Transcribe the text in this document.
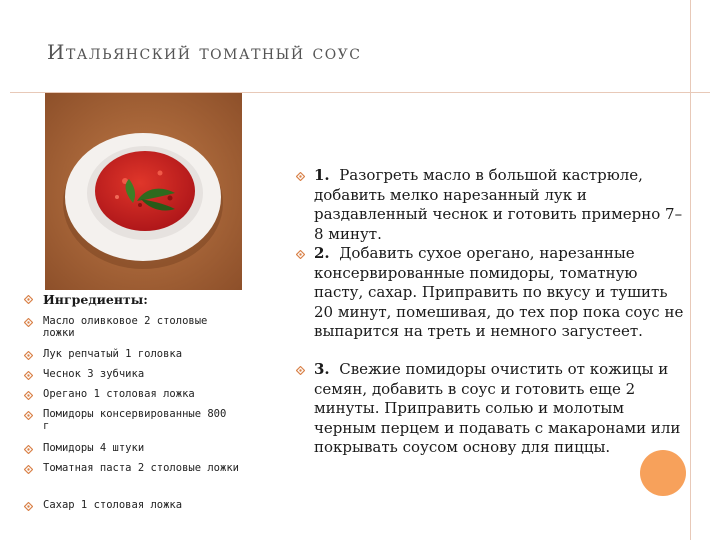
Итальянский томатный соус
Ингредиенты:
Масло оливковое 2 столовые ложки
Лук репчатый 1 головка
Чеснок 3 зубчика
Орегано 1 столовая ложка
Помидоры консервированные 800 г
Помидоры 4 штуки
Томатная паста 2 столовые ложки
Сахар 1 столовая ложка
1. Разогреть масло в большой кастрюле, добавить мелко нарезанный лук и раздавленный чеснок и готовить примерно 7–8 минут.
2. Добавить сухое орегано, нарезанные консервированные помидоры, томатную пасту, сахар. Приправить по вкусу и тушить 20 минут, помешивая, до тех пор пока соус не выпарится на треть и немного загустеет.
3. Свежие помидоры очистить от кожицы и семян, добавить в соус и готовить еще 2 минуты. Приправить солью и молотым черным перцем и подавать с макаронами или покрывать соусом основу для пиццы.
